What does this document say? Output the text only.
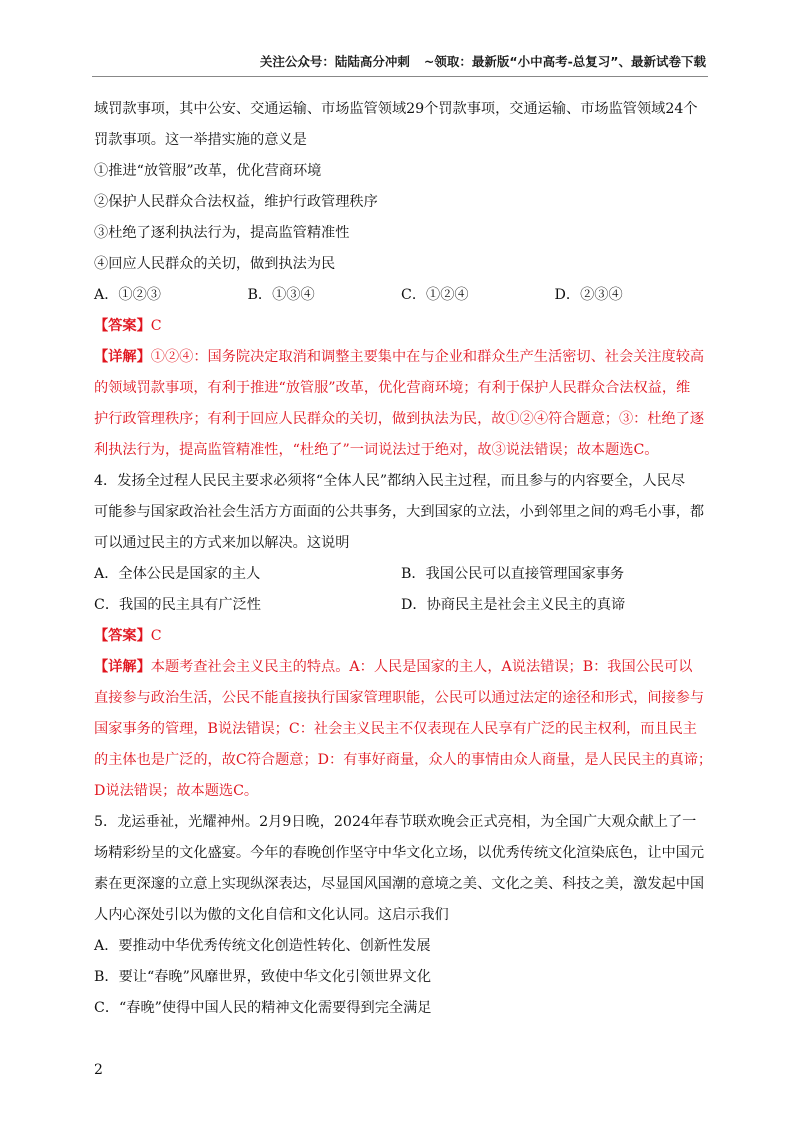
关注公众号：陆陆高分冲刺 ~领取：最新版“小中高考-总复习”、最新试卷下载
域罚款事项，其中公安、交通运输、市场监管领域29个罚款事项，交通运输、市场监管领域24个
罚款事项。这一举措实施的意义是
①推进“放管服”改革，优化营商环境
②保护人民群众合法权益，维护行政管理秩序
③杜绝了逐利执法行为，提高监管精准性
④回应人民群众的关切，做到执法为民
A．①②③	B．①③④	C．①②④	D．②③④
【答案】C
【详解】①②④：国务院决定取消和调整主要集中在与企业和群众生产生活密切、社会关注度较高
的领域罚款事项，有利于推进“放管服”改革，优化营商环境；有利于保护人民群众合法权益，维
护行政管理秩序；有利于回应人民群众的关切，做到执法为民，故①②④符合题意；③：杜绝了逐
利执法行为，提高监管精准性，“杜绝了”一词说法过于绝对，故③说法错误；故本题选C。
4．发扬全过程人民民主要求必须将“全体人民”都纳入民主过程，而且参与的内容要全，人民尽
可能参与国家政治社会生活方方面面的公共事务，大到国家的立法，小到邻里之间的鸡毛小事，都
可以通过民主的方式来加以解决。这说明
A．全体公民是国家的主人	B．我国公民可以直接管理国家事务
C．我国的民主具有广泛性	D．协商民主是社会主义民主的真谛
【答案】C
【详解】本题考查社会主义民主的特点。A：人民是国家的主人，A说法错误；B：我国公民可以
直接参与政治生活，公民不能直接执行国家管理职能，公民可以通过法定的途径和形式，间接参与
国家事务的管理，B说法错误；C：社会主义民主不仅表现在人民享有广泛的民主权利，而且民主
的主体也是广泛的，故C符合题意；D：有事好商量，众人的事情由众人商量，是人民民主的真谛；
D说法错误；故本题选C。
5．龙运垂祉，光耀神州。2月9日晚，2024年春节联欢晚会正式亮相，为全国广大观众献上了一
场精彩纷呈的文化盛宴。今年的春晚创作坚守中华文化立场，以优秀传统文化渲染底色，让中国元
素在更深邃的立意上实现纵深表达，尽显国风国潮的意境之美、文化之美、科技之美，激发起中国
人内心深处引以为傲的文化自信和文化认同。这启示我们
A．要推动中华优秀传统文化创造性转化、创新性发展
B．要让“春晚”风靡世界，致使中华文化引领世界文化
C．“春晚”使得中国人民的精神文化需要得到完全满足
2
